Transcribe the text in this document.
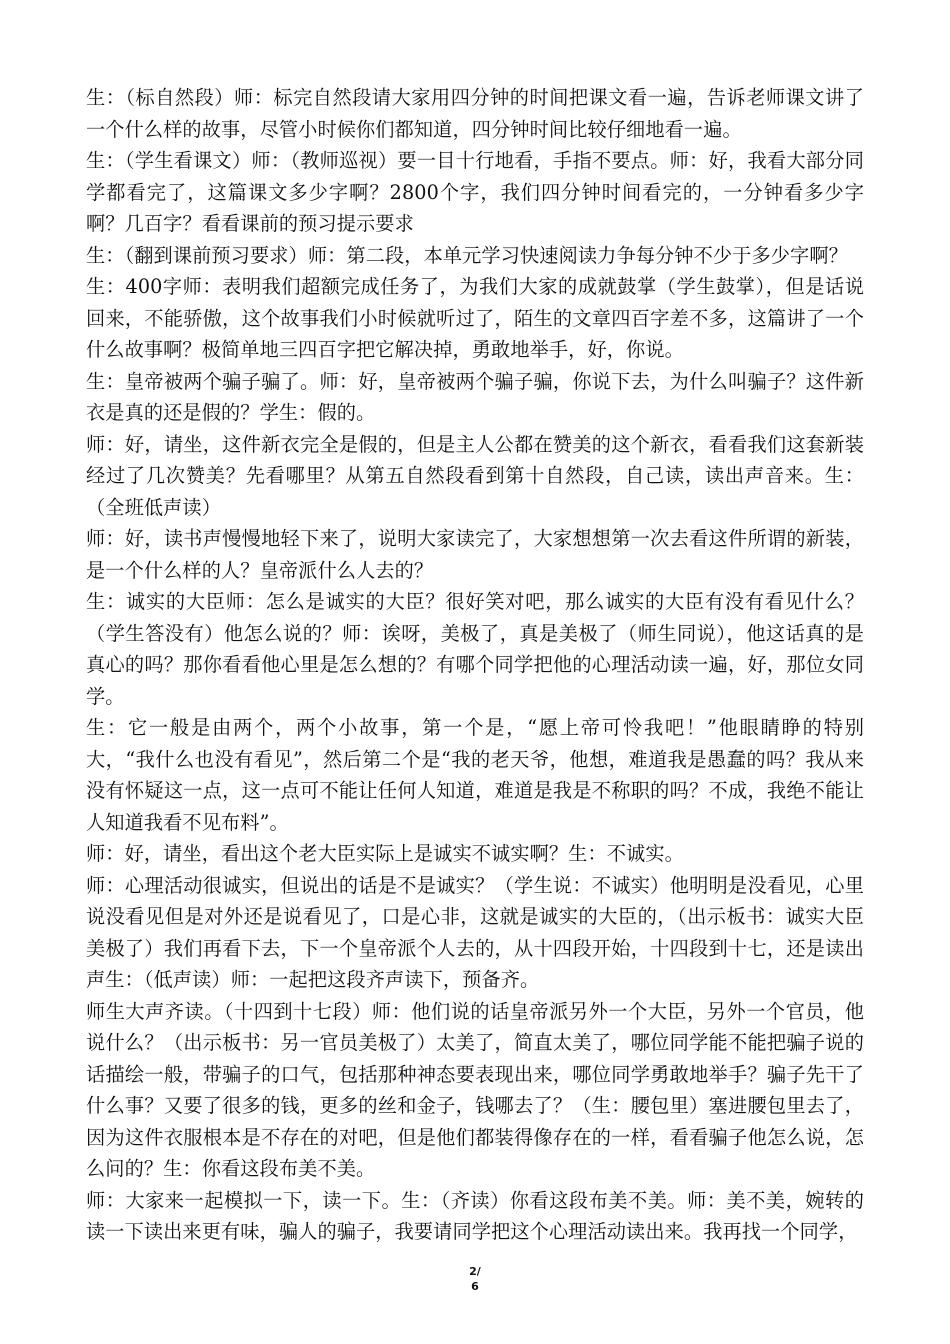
生：（标自然段）师：标完自然段请大家用四分钟的时间把课文看一遍，告诉老师课文讲了一个什么样的故事，尽管小时候你们都知道，四分钟时间比较仔细地看一遍。

生：（学生看课文）师：（教师巡视）要一目十行地看，手指不要点。师：好，我看大部分同学都看完了，这篇课文多少字啊？2800个字，我们四分钟时间看完的，一分钟看多少字啊？几百字？看看课前的预习提示要求

生：（翻到课前预习要求）师：第二段，本单元学习快速阅读力争每分钟不少于多少字啊？

生：400字师：表明我们超额完成任务了，为我们大家的成就鼓掌（学生鼓掌），但是话说回来，不能骄傲，这个故事我们小时候就听过了，陌生的文章四百字差不多，这篇讲了一个什么故事啊？极简单地三四百字把它解决掉，勇敢地举手，好，你说。

生：皇帝被两个骗子骗了。师：好，皇帝被两个骗子骗，你说下去，为什么叫骗子？这件新衣是真的还是假的？学生：假的。

师：好，请坐，这件新衣完全是假的，但是主人公都在赞美的这个新衣，看看我们这套新装经过了几次赞美？先看哪里？从第五自然段看到第十自然段，自己读，读出声音来。生：（全班低声读）

师：好，读书声慢慢地轻下来了，说明大家读完了，大家想想第一次去看这件所谓的新装，是一个什么样的人？皇帝派什么人去的？

生：诚实的大臣师：怎么是诚实的大臣？很好笑对吧，那么诚实的大臣有没有看见什么？（学生答没有）他怎么说的？师：诶呀，美极了，真是美极了（师生同说），他这话真的是真心的吗？那你看看他心里是怎么想的？有哪个同学把他的心理活动读一遍，好，那位女同学。

生：它一般是由两个，两个小故事，第一个是，“愿上帝可怜我吧！”他眼睛睁的特别大，“我什么也没有看见”，然后第二个是“我的老天爷，他想，难道我是愚蠢的吗？我从来没有怀疑这一点，这一点可不能让任何人知道，难道是我是不称职的吗？不成，我绝不能让人知道我看不见布料”。

师：好，请坐，看出这个老大臣实际上是诚实不诚实啊？生：不诚实。

师：心理活动很诚实，但说出的话是不是诚实？（学生说：不诚实）他明明是没看见，心里说没看见但是对外还是说看见了，口是心非，这就是诚实的大臣的，（出示板书：诚实大臣美极了）我们再看下去，下一个皇帝派个人去的，从十四段开始，十四段到十七，还是读出声生：（低声读）师：一起把这段齐声读下，预备齐。

师生大声齐读。（十四到十七段）师：他们说的话皇帝派另外一个大臣，另外一个官员，他说什么？（出示板书：另一官员美极了）太美了，简直太美了，哪位同学能不能把骗子说的话描绘一般，带骗子的口气，包括那种神态要表现出来，哪位同学勇敢地举手？骗子先干了什么事？又要了很多的钱，更多的丝和金子，钱哪去了？（生：腰包里）塞进腰包里去了，因为这件衣服根本是不存在的对吧，但是他们都装得像存在的一样，看看骗子他怎么说，怎么问的？生：你看这段布美不美。

师：大家来一起模拟一下，读一下。生：（齐读）你看这段布美不美。师：美不美，婉转的读一下读出来更有味，骗人的骗子，我要请同学把这个心理活动读出来。我再找一个同学，

2/
6
